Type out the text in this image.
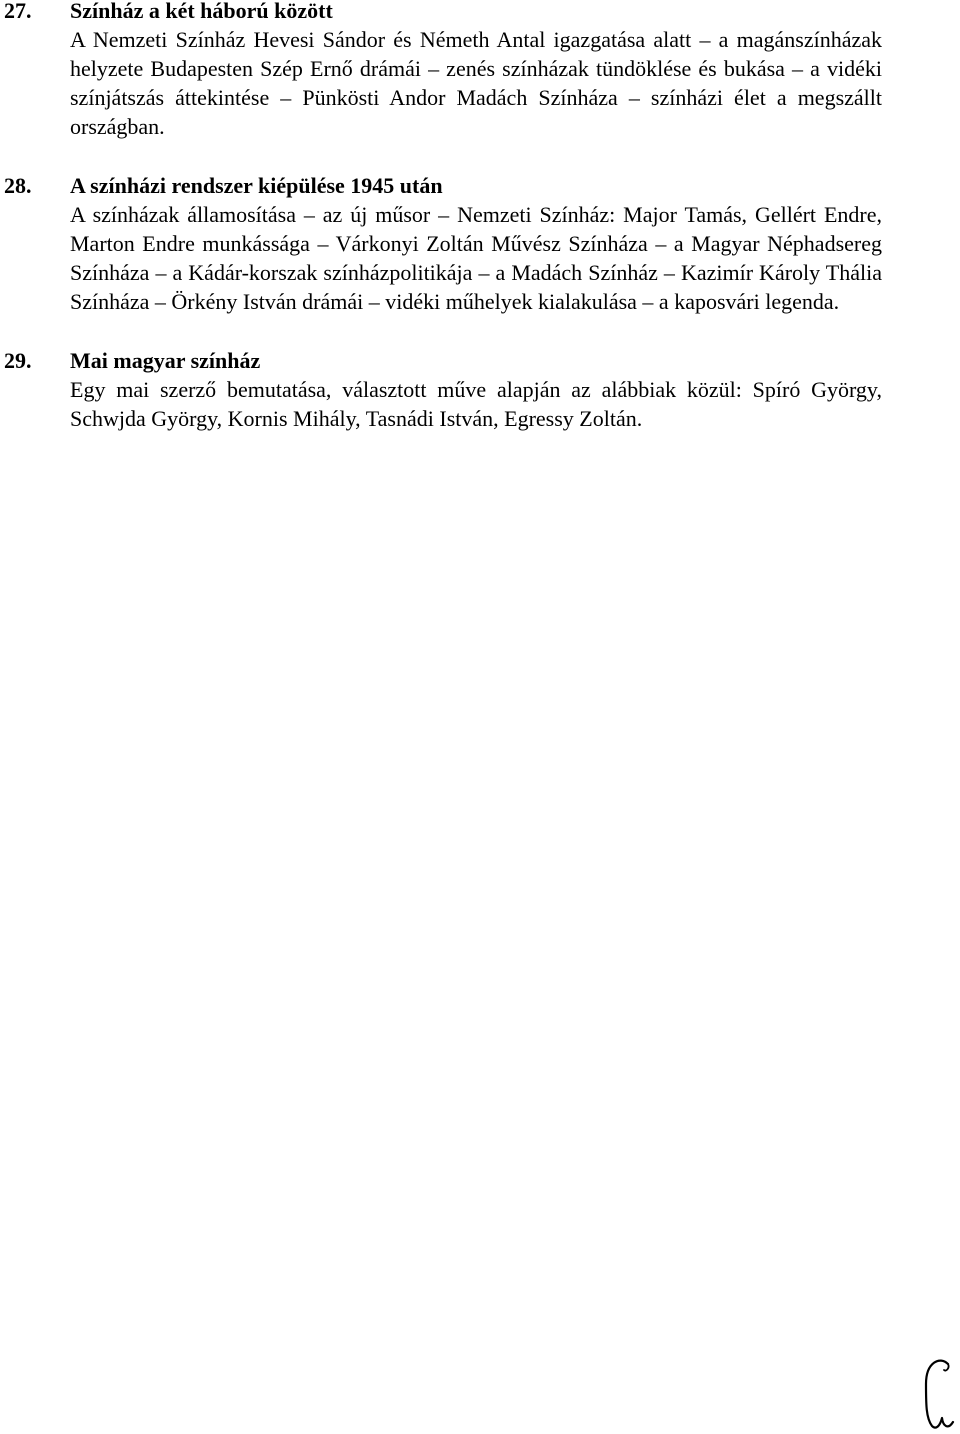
27. Színház a két háború között
A Nemzeti Színház Hevesi Sándor és Németh Antal igazgatása alatt – a magánszínházak helyzete Budapesten Szép Ernő drámái – zenés színházak tündöklése és bukása – a vidéki színjátszás áttekintése – Pünkösti Andor Madách Színháza – színházi élet a megszállt országban.
28. A színházi rendszer kiépülése 1945 után
A színházak államosítása – az új műsor – Nemzeti Színház: Major Tamás, Gellért Endre, Marton Endre munkássága – Várkonyi Zoltán Művész Színháza – a Magyar Néphadsereg Színháza – a Kádár-korszak színházpolitikája – a Madách Színház – Kazimír Károly Thália Színháza – Örkény István drámái – vidéki műhelyek kialakulása – a kaposvári legenda.
29. Mai magyar színház
Egy mai szerző bemutatása, választott műve alapján az alábbiak közül: Spíró György, Schwjda György, Kornis Mihály, Tasnádi István, Egressy Zoltán.
